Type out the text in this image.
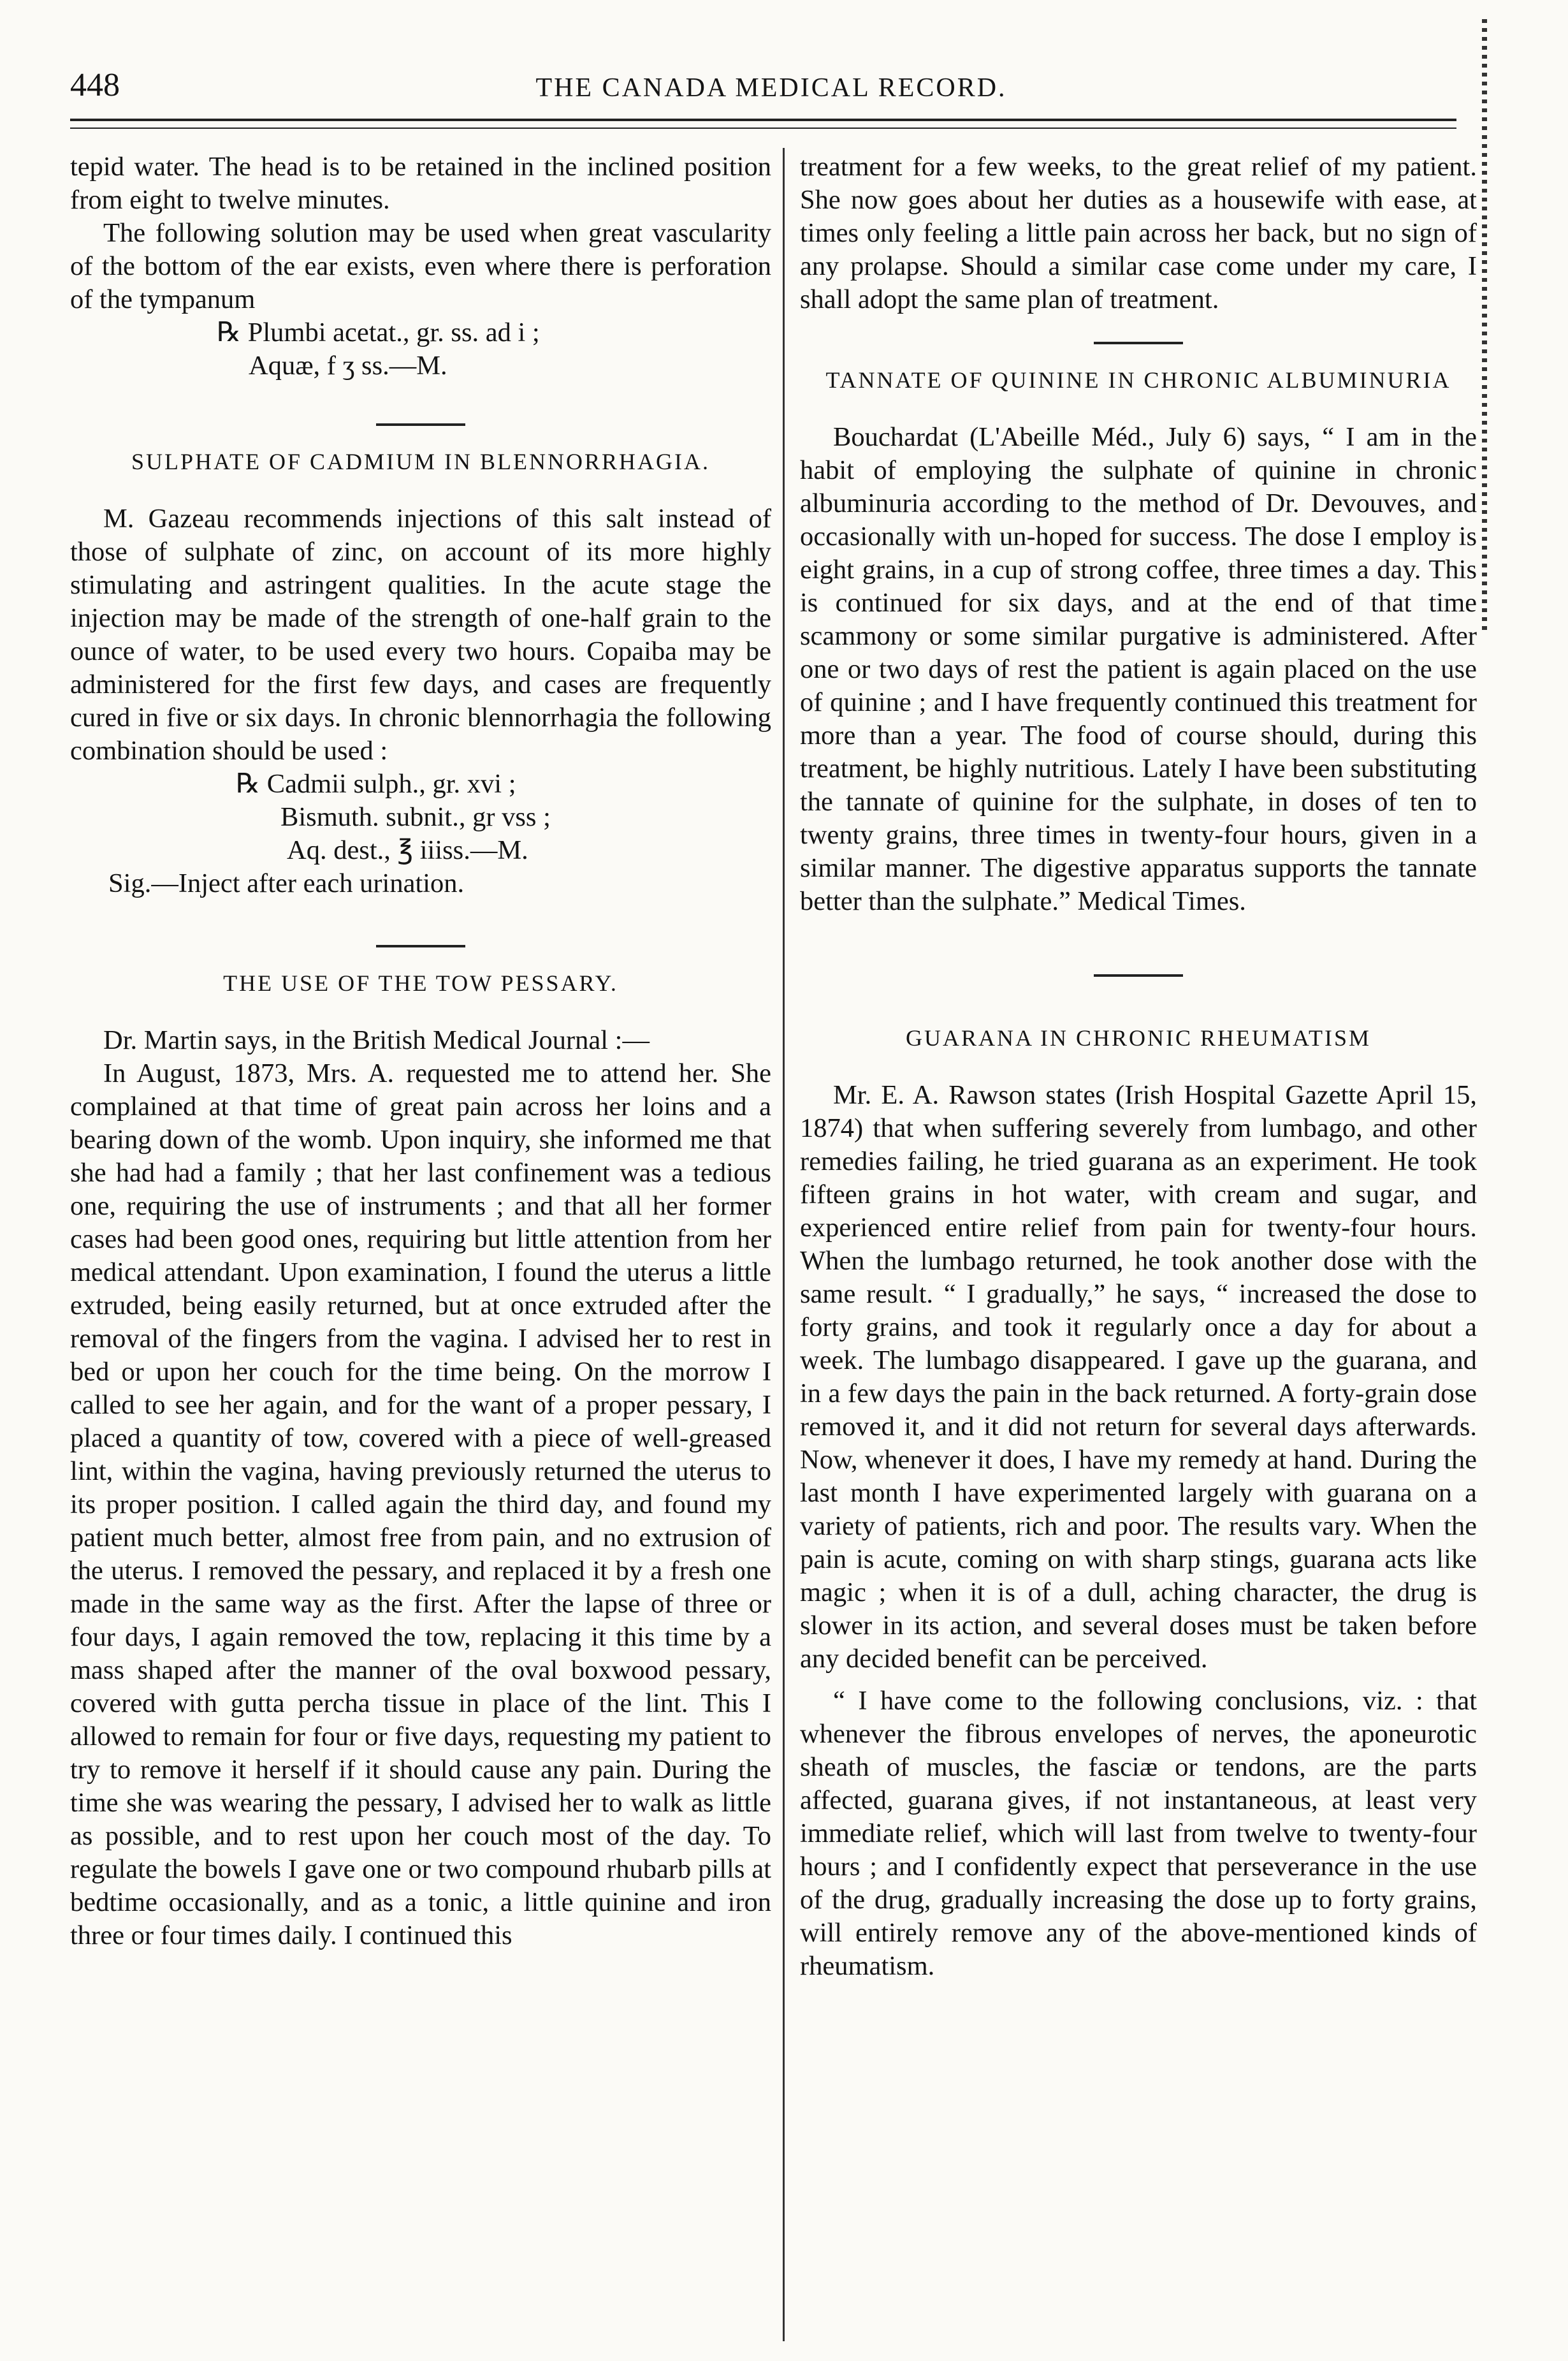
448	THE CANADA MEDICAL RECORD.

tepid water. The head is to be retained in the inclined position from eight to twelve minutes.

The following solution may be used when great vascularity of the bottom of the ear exists, even where there is perforation of the tympanum

℞ Plumbi acetat., gr. ss. ad i ;
Aquæ, f ʒ ss.—M.
SULPHATE OF CADMIUM IN BLENNORRHAGIA.

M. Gazeau recommends injections of this salt instead of those of sulphate of zinc, on account of its more highly stimulating and astringent qualities. In the acute stage the injection may be made of the strength of one-half grain to the ounce of water, to be used every two hours. Copaiba may be administered for the first few days, and cases are frequently cured in five or six days. In chronic blennorrhagia the following combination should be used :

℞ Cadmii sulph., gr. xvi ;
Bismuth. subnit., gr vss ;
Aq. dest., ℥ iiiss.—M.
Sig.—Inject after each urination.
THE USE OF THE TOW PESSARY.

Dr. Martin says, in the British Medical Journal :—

In August, 1873, Mrs. A. requested me to attend her. She complained at that time of great pain across her loins and a bearing down of the womb. Upon inquiry, she informed me that she had had a family ; that her last confinement was a tedious one, requiring the use of instruments ; and that all her former cases had been good ones, requiring but little attention from her medical attendant. Upon examination, I found the uterus a little extruded, being easily returned, but at once extruded after the removal of the fingers from the vagina. I advised her to rest in bed or upon her couch for the time being. On the morrow I called to see her again, and for the want of a proper pessary, I placed a quantity of tow, covered with a piece of well-greased lint, within the vagina, having previously returned the uterus to its proper position. I called again the third day, and found my patient much better, almost free from pain, and no extrusion of the uterus. I removed the pessary, and replaced it by a fresh one made in the same way as the first. After the lapse of three or four days, I again removed the tow, replacing it this time by a mass shaped after the manner of the oval boxwood pessary, covered with gutta percha tissue in place of the lint. This I allowed to remain for four or five days, requesting my patient to try to remove it herself if it should cause any pain. During the time she was wearing the pessary, I advised her to walk as little as possible, and to rest upon her couch most of the day. To regulate the bowels I gave one or two compound rhubarb pills at bedtime occasionally, and as a tonic, a little quinine and iron three or four times daily. I continued this

treatment for a few weeks, to the great relief of my patient. She now goes about her duties as a housewife with ease, at times only feeling a little pain across her back, but no sign of any prolapse. Should a similar case come under my care, I shall adopt the same plan of treatment.

TANNATE OF QUININE IN CHRONIC ALBUMINURIA

Bouchardat (L'Abeille Méd., July 6) says, “ I am in the habit of employing the sulphate of quinine in chronic albuminuria according to the method of Dr. Devouves, and occasionally with un-hoped for success. The dose I employ is eight grains, in a cup of strong coffee, three times a day. This is continued for six days, and at the end of that time scammony or some similar purgative is administered. After one or two days of rest the patient is again placed on the use of quinine ; and I have frequently continued this treatment for more than a year. The food of course should, during this treatment, be highly nutritious. Lately I have been substituting the tannate of quinine for the sulphate, in doses of ten to twenty grains, three times in twenty-four hours, given in a similar manner. The digestive apparatus supports the tannate better than the sulphate.” Medical Times.

GUARANA IN CHRONIC RHEUMATISM

Mr. E. A. Rawson states (Irish Hospital Gazette April 15, 1874) that when suffering severely from lumbago, and other remedies failing, he tried guarana as an experiment. He took fifteen grains in hot water, with cream and sugar, and experienced entire relief from pain for twenty-four hours. When the lumbago returned, he took another dose with the same result. “ I gradually,” he says, “ increased the dose to forty grains, and took it regularly once a day for about a week. The lumbago disappeared. I gave up the guarana, and in a few days the pain in the back returned. A forty-grain dose removed it, and it did not return for several days afterwards. Now, whenever it does, I have my remedy at hand. During the last month I have experimented largely with guarana on a variety of patients, rich and poor. The results vary. When the pain is acute, coming on with sharp stings, guarana acts like magic ; when it is of a dull, aching character, the drug is slower in its action, and several doses must be taken before any decided benefit can be perceived.

“ I have come to the following conclusions, viz. : that whenever the fibrous envelopes of nerves, the aponeurotic sheath of muscles, the fasciæ or tendons, are the parts affected, guarana gives, if not instantaneous, at least very immediate relief, which will last from twelve to twenty-four hours ; and I confidently expect that perseverance in the use of the drug, gradually increasing the dose up to forty grains, will entirely remove any of the above-mentioned kinds of rheumatism.
